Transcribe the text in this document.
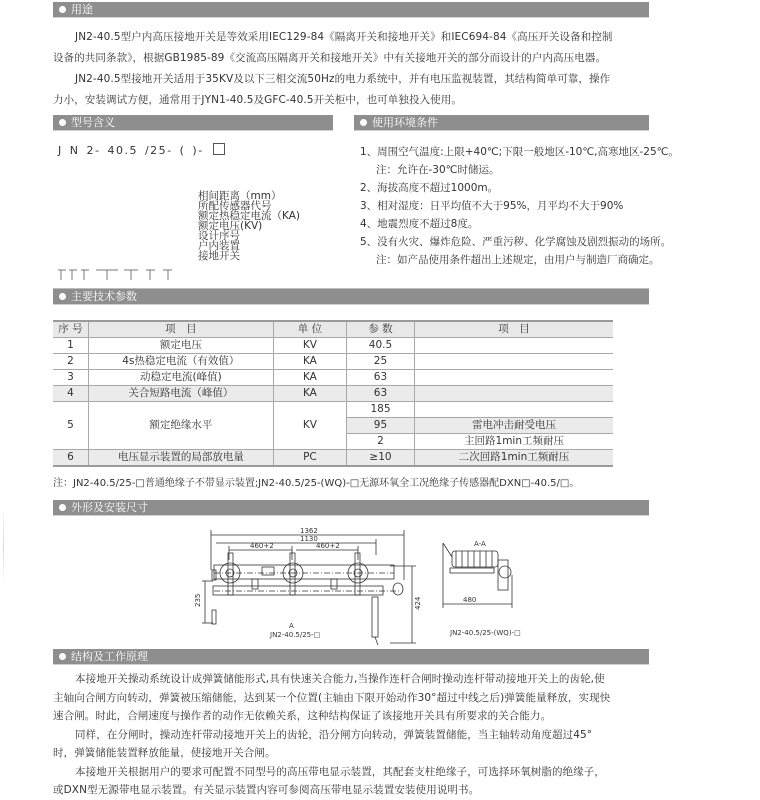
用途

JN2-40.5型户内高压接地开关是等效采用IEC129-84《隔离开关和接地开关》和IEC694-84《高压开关设备和控制设备的共同条款》，根据GB1985-89《交流高压隔离开关和接地开关》中有关接地开关的部分而设计的户内高压电器。

JN2-40.5型接地开关适用于35KV及以下三相交流50Hz的电力系统中，并有电压监视装置，其结构简单可靠，操作力小，安装调试方便，通常用于JYN1-40.5及GFC-40.5开关柜中，也可单独投入使用。

型号含义
J N 2- 40.5 /25- ( )-
相间距离（mm）
所配传感器代号
额定热稳定电流（KA)
额定电压(KV)
设计序号
户内装置
接地开关
使用环境条件
1、周围空气温度:上限+40℃;下限一般地区-10℃,高寒地区-25℃。
注：允许在-30℃时储运。
2、海拔高度不超过1000m。
3、相对湿度：日平均值不大于95%，月平均不大于90%
4、地震烈度不超过8度。
5、没有火灾、爆炸危险、严重污秽、化学腐蚀及剧烈振动的场所。
注：如产品使用条件超出上述规定，由用户与制造厂商确定。
主要技术参数
序 号	项　目	单 位	参 数	项　目
1	额定电压	KV	40.5	
2	4s热稳定电流（有效值）	KA	25	
3	动稳定电流(峰值)	KA	63	
4	关合短路电流（峰值）	KA	63	
5	额定绝缘水平	KV	185	
			95	雷电冲击耐受电压
			2	主回路1min工频耐压
6	电压显示装置的局部放电量	PC	≥10	二次回路1min工频耐压
注：JN2-40.5/25-□普通绝缘子不带显示装置;JN2-40.5/25-(WQ)-□无源环氧全工况绝缘子传感器配DXN□-40.5/□。
外形及安装尺寸
1362
1130
460+2	460+2
235	424
A
JN2-40.5/25-□
A-A
480
JN2-40.5/25-(WQ)-□
结构及工作原理

本接地开关操动系统设计成弹簧储能形式,具有快速关合能力,当操作连杆合闸时操动连杆带动接地开关上的齿轮,使主轴向合闸方向转动，弹簧被压缩储能，达到某一个位置(主轴由下限开始动作30°超过中线之后)弹簧能量释放，实现快速合闸。时此，合闸速度与操作者的动作无依赖关系，这种结构保证了该接地开关具有所要求的关合能力。

同样，在分闸时，操动连杆带动接地开关上的齿轮，沿分闸方向转动，弹簧装置储能，当主轴转动角度超过45°时，弹簧储能装置释放能量，使接地开关合闸。

本接地开关根据用户的要求可配置不同型号的高压带电显示装置，其配套支柱绝缘子，可选择环氧树脂的绝缘子，或DXN型无源带电显示装置。有关显示装置内容可参阅高压带电显示装置安装使用说明书。
